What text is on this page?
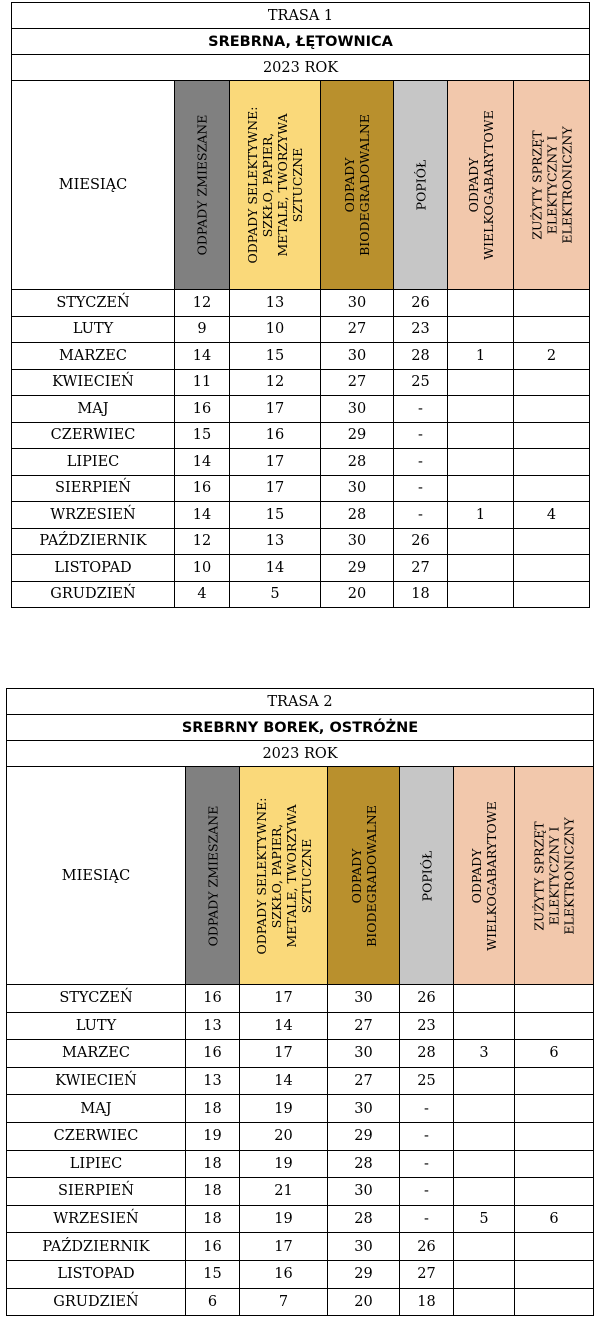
TRASA 1						
SREBRNA, ŁĘTOWNICA						
2023 ROK						
MIESIĄC	ODPADY ZMIESZANE	ODPADY SELEKTYWNE:
SZKŁO, PAPIER,
METALE, TWORZYWA
SZTUCZNE	ODPADY
BIODEGRADOWALNE	POPIÓŁ	ODPADY
WIELKOGABARYTOWE	ZUŻYTY SPRZĘT
ELEKTYCZNY I
ELEKTRONICZNY

STYCZEŃ	12	13	30	26		
LUTY	9	10	27	23		
MARZEC	14	15	30	28	1	2
KWIECIEŃ	11	12	27	25		
MAJ	16	17	30	-		
CZERWIEC	15	16	29	-		
LIPIEC	14	17	28	-		
SIERPIEŃ	16	17	30	-		
WRZESIEŃ	14	15	28	-	1	4
PAŹDZIERNIK	12	13	30	26		
LISTOPAD	10	14	29	27		
GRUDZIEŃ	4	5	20	18		
TRASA 2						
SREBRNY BOREK, OSTRÓŻNE						
2023 ROK						
MIESIĄC	ODPADY ZMIESZANE	ODPADY SELEKTYWNE:
SZKŁO, PAPIER,
METALE, TWORZYWA
SZTUCZNE	ODPADY
BIODEGRADOWALNE	POPIÓŁ	ODPADY
WIELKOGABARYTOWE	ZUŻYTY SPRZĘT
ELEKTYCZNY I
ELEKTRONICZNY

STYCZEŃ	16	17	30	26		
LUTY	13	14	27	23		
MARZEC	16	17	30	28	3	6
KWIECIEŃ	13	14	27	25		
MAJ	18	19	30	-		
CZERWIEC	19	20	29	-		
LIPIEC	18	19	28	-		
SIERPIEŃ	18	21	30	-		
WRZESIEŃ	18	19	28	-	5	6
PAŹDZIERNIK	16	17	30	26		
LISTOPAD	15	16	29	27		
GRUDZIEŃ	6	7	20	18		
